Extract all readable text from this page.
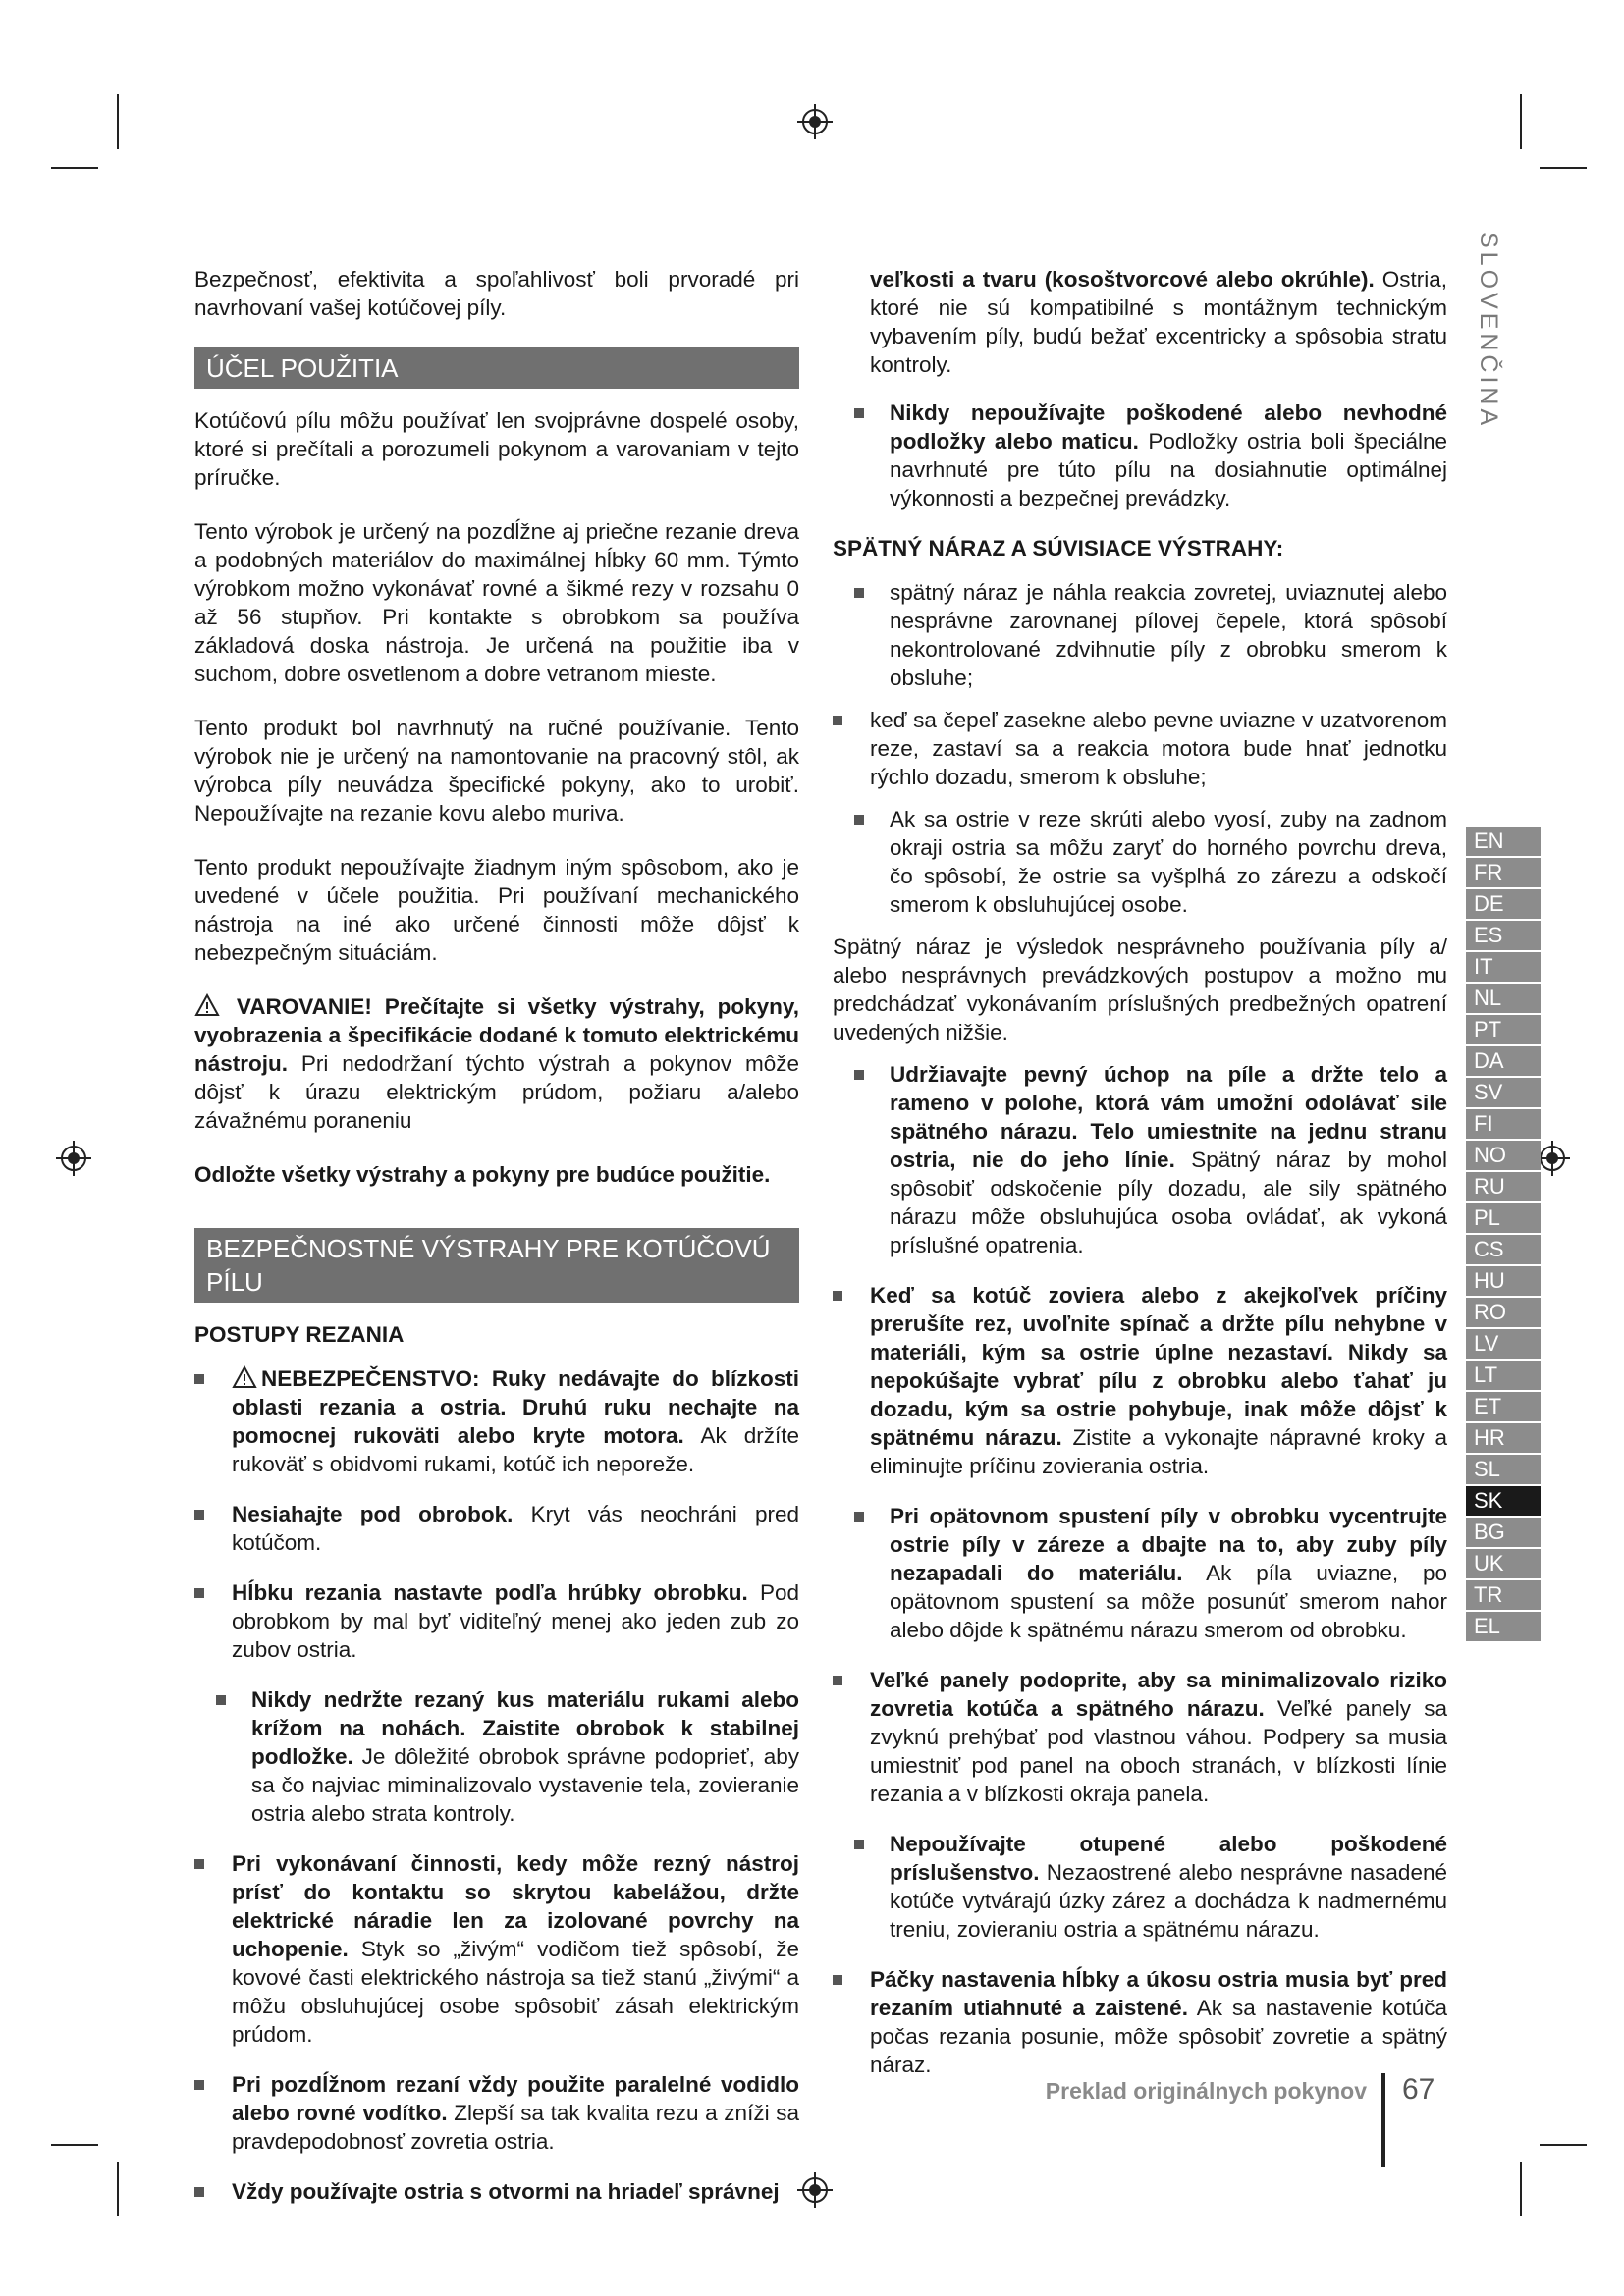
SLOVENČINA

Bezpečnosť, efektivita a spoľahlivosť boli prvoradé pri navrhovaní vašej kotúčovej píly.

ÚČEL POUŽITIA

Kotúčovú pílu môžu používať len svojprávne dospelé osoby, ktoré si prečítali a porozumeli pokynom a varovaniam v tejto príručke.

Tento výrobok je určený na pozdĺžne aj priečne rezanie dreva a podobných materiálov do maximálnej hĺbky 60 mm. Týmto výrobkom možno vykonávať rovné a šikmé rezy v rozsahu 0 až 56 stupňov. Pri kontakte s obrobkom sa používa základová doska nástroja. Je určená na použitie iba v suchom, dobre osvetlenom a dobre vetranom mieste.

Tento produkt bol navrhnutý na ručné používanie. Tento výrobok nie je určený na namontovanie na pracovný stôl, ak výrobca píly neuvádza špecifické pokyny, ako to urobiť. Nepoužívajte na rezanie kovu alebo muriva.

Tento produkt nepoužívajte žiadnym iným spôsobom, ako je uvedené v účele použitia. Pri používaní mechanického nástroja na iné ako určené činnosti môže dôjsť k nebezpečným situáciám.

VAROVANIE! Prečítajte si všetky výstrahy, pokyny, vyobrazenia a špecifikácie dodané k tomuto elektrickému nástroju. Pri nedodržaní týchto výstrah a pokynov môže dôjsť k úrazu elektrickým prúdom, požiaru a/alebo závažnému poraneniu

Odložte všetky výstrahy a pokyny pre budúce použitie.

BEZPEČNOSTNÉ VÝSTRAHY PRE KOTÚČOVÚ PÍLU
POSTUPY REZANIA
NEBEZPEČENSTVO: Ruky nedávajte do blízkosti oblasti rezania a ostria. Druhú ruku nechajte na pomocnej rukoväti alebo kryte motora. Ak držíte rukoväť s obidvomi rukami, kotúč ich neporeže.
Nesiahajte pod obrobok. Kryt vás neochráni pred kotúčom.
Hĺbku rezania nastavte podľa hrúbky obrobku. Pod obrobkom by mal byť viditeľný menej ako jeden zub zo zubov ostria.
Nikdy nedržte rezaný kus materiálu rukami alebo krížom na nohách. Zaistite obrobok k stabilnej podložke. Je dôležité obrobok správne podoprieť, aby sa čo najviac miminalizovalo vystavenie tela, zovieranie ostria alebo strata kontroly.
Pri vykonávaní činnosti, kedy môže rezný nástroj prísť do kontaktu so skrytou kabelážou, držte elektrické náradie len za izolované povrchy na uchopenie. Styk so „živým“ vodičom tiež spôsobí, že kovové časti elektrického nástroja sa tiež stanú „živými“ a môžu obsluhujúcej osobe spôsobiť zásah elektrickým prúdom.
Pri pozdĺžnom rezaní vždy použite paralelné vodidlo alebo rovné vodítko. Zlepší sa tak kvalita rezu a zníži sa pravdepodobnosť zovretia ostria.
Vždy používajte ostria s otvormi na hriadeľ správnej

veľkosti a tvaru (kosoštvorcové alebo okrúhle). Ostria, ktoré nie sú kompatibilné s montážnym technickým vybavením píly, budú bežať excentricky a spôsobia stratu kontroly.

Nikdy nepoužívajte poškodené alebo nevhodné podložky alebo maticu. Podložky ostria boli špeciálne navrhnuté pre túto pílu na dosiahnutie optimálnej výkonnosti a bezpečnej prevádzky.
SPÄTNÝ NÁRAZ A SÚVISIACE VÝSTRAHY:
spätný náraz je náhla reakcia zovretej, uviaznutej alebo nesprávne zarovnanej pílovej čepele, ktorá spôsobí nekontrolované zdvihnutie píly z obrobku smerom k obsluhe;
keď sa čepeľ zasekne alebo pevne uviazne v uzatvorenom reze, zastaví sa a reakcia motora bude hnať jednotku rýchlo dozadu, smerom k obsluhe;
Ak sa ostrie v reze skrúti alebo vyosí, zuby na zadnom okraji ostria sa môžu zaryť do horného povrchu dreva, čo spôsobí, že ostrie sa vyšplhá zo zárezu a odskočí smerom k obsluhujúcej osobe.

Spätný náraz je výsledok nesprávneho používania píly a/ alebo nesprávnych prevádzkových postupov a možno mu predchádzať vykonávaním príslušných predbežných opatrení uvedených nižšie.

Udržiavajte pevný úchop na píle a držte telo a rameno v polohe, ktorá vám umožní odolávať sile spätného nárazu. Telo umiestnite na jednu stranu ostria, nie do jeho línie. Spätný náraz by mohol spôsobiť odskočenie píly dozadu, ale sily spätného nárazu môže obsluhujúca osoba ovládať, ak vykoná príslušné opatrenia.
Keď sa kotúč zoviera alebo z akejkoľvek príčiny prerušíte rez, uvoľnite spínač a držte pílu nehybne v materiáli, kým sa ostrie úplne nezastaví. Nikdy sa nepokúšajte vybrať pílu z obrobku alebo ťahať ju dozadu, kým sa ostrie pohybuje, inak môže dôjsť k spätnému nárazu. Zistite a vykonajte nápravné kroky a eliminujte príčinu zovierania ostria.
Pri opätovnom spustení píly v obrobku vycentrujte ostrie píly v záreze a dbajte na to, aby zuby píly nezapadali do materiálu. Ak píla uviazne, po opätovnom spustení sa môže posunúť smerom nahor alebo dôjde k spätnému nárazu smerom od obrobku.
Veľké panely podoprite, aby sa minimalizovalo riziko zovretia kotúča a spätného nárazu. Veľké panely sa zvyknú prehýbať pod vlastnou váhou. Podpery sa musia umiestniť pod panel na oboch stranách, v blízkosti línie rezania a v blízkosti okraja panela.
Nepoužívajte otupené alebo poškodené príslušenstvo. Nezaostrené alebo nesprávne nasadené kotúče vytvárajú úzky zárez a dochádza k nadmernému treniu, zovieraniu ostria a spätnému nárazu.
Páčky nastavenia hĺbky a úkosu ostria musia byť pred rezaním utiahnuté a zaistené. Ak sa nastavenie kotúča počas rezania posunie, môže spôsobiť zovretie a spätný náraz.
EN
FR
DE
ES
IT
NL
PT
DA
SV
FI
NO
RU
PL
CS
HU
RO
LV
LT
ET
HR
SL
SK
BG
UK
TR
EL
Preklad originálnych pokynov 67
